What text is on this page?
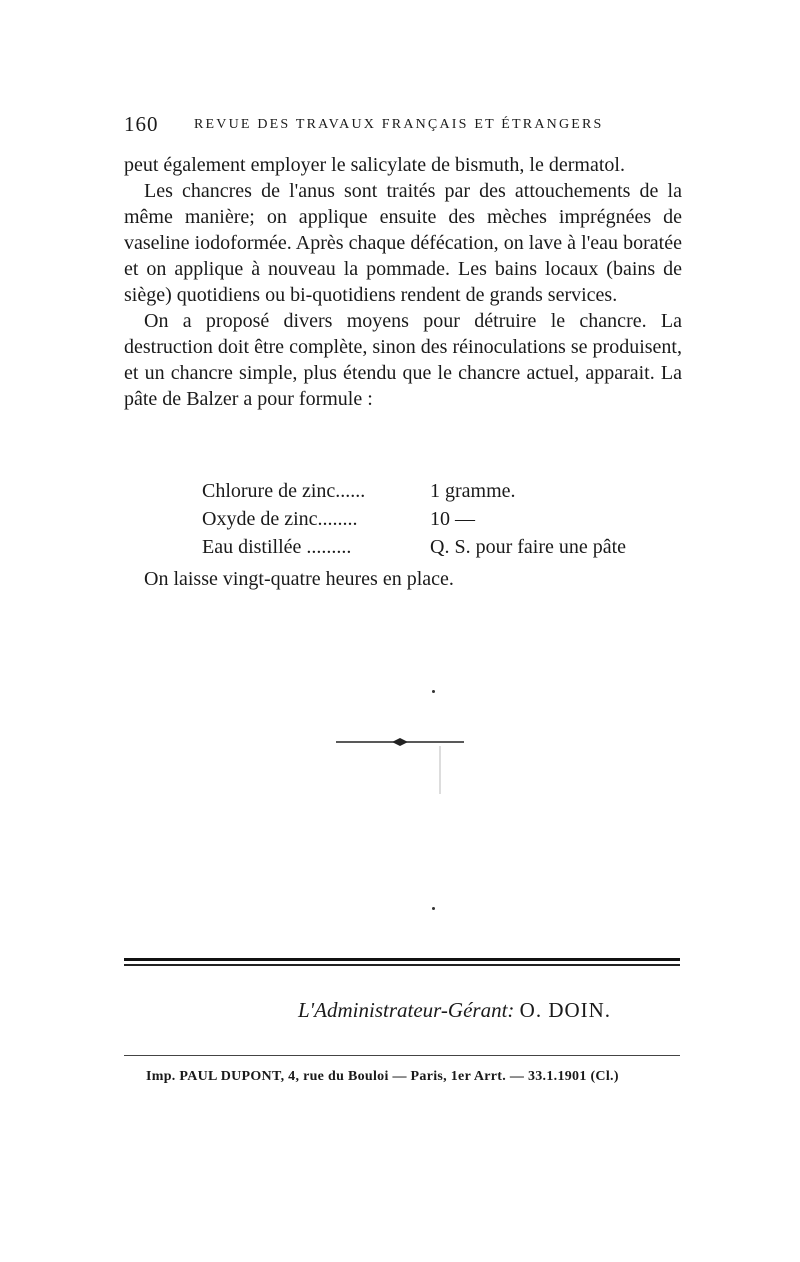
160	REVUE DES TRAVAUX FRANÇAIS ET ÉTRANGERS

peut également employer le salicylate de bismuth, le dermatol.

Les chancres de l'anus sont traités par des attouchements de la même manière; on applique ensuite des mèches imprégnées de vaseline iodoformée. Après chaque défécation, on lave à l'eau boratée et on applique à nouveau la pommade. Les bains locaux (bains de siège) quotidiens ou bi-quotidiens rendent de grands services.

On a proposé divers moyens pour détruire le chancre. La destruction doit être complète, sinon des réinoculations se produisent, et un chancre simple, plus étendu que le chancre actuel, apparait. La pâte de Balzer a pour formule :

Chlorure de zinc......	1 gramme.
Oxyde de zinc........	10 —
Eau distillée .........	Q. S. pour faire une pâte
On laisse vingt-quatre heures en place.
L'Administrateur-Gérant: O. DOIN.
Imp. PAUL DUPONT, 4, rue du Bouloi — Paris, 1er Arrt. — 33.1.1901 (Cl.)
